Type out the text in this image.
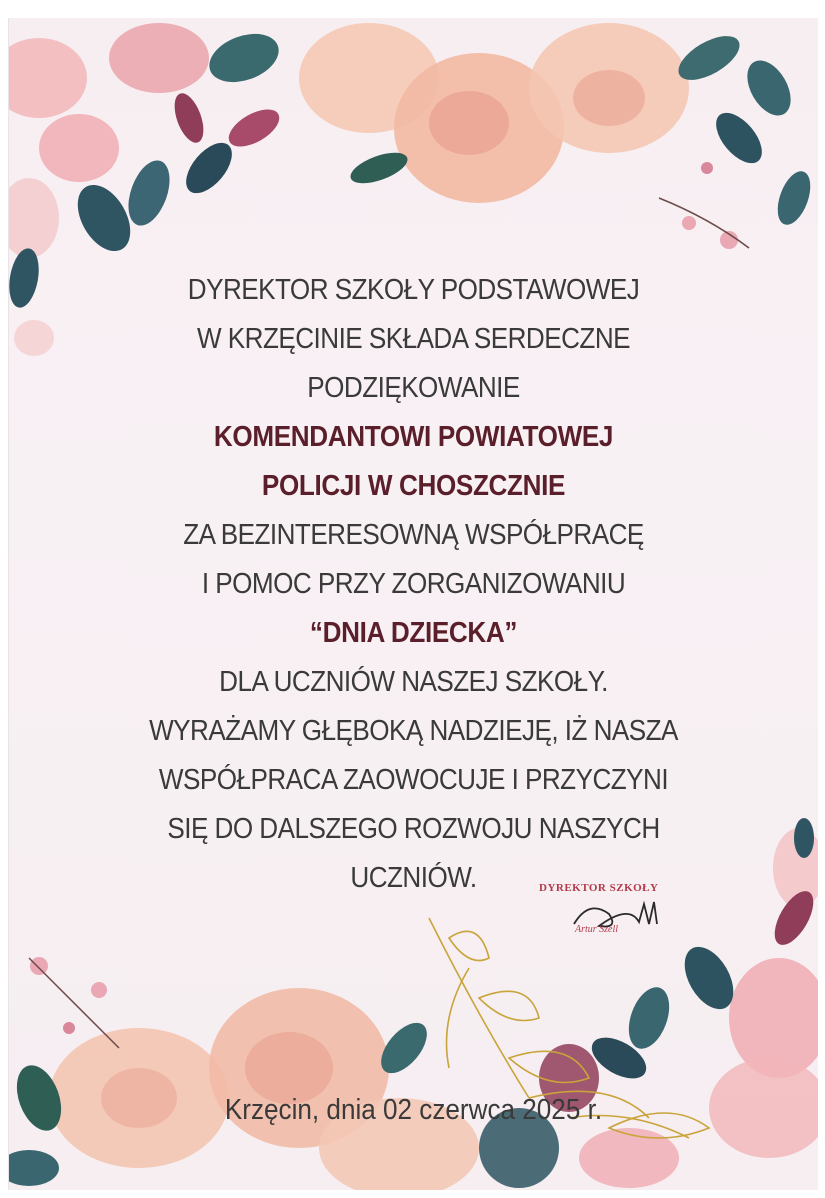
DYREKTOR SZKOŁY PODSTAWOWEJ
W KRZĘCINIE SKŁADA SERDECZNE
PODZIĘKOWANIE
KOMENDANTOWI POWIATOWEJ
POLICJI W CHOSZCZNIE
ZA BEZINTERESOWNĄ WSPÓŁPRACĘ
I POMOC PRZY ZORGANIZOWANIU
“DNIA DZIECKA”
DLA UCZNIÓW NASZEJ SZKOŁY.
WYRAŻAMY GŁĘBOKĄ NADZIEJĘ, IŻ NASZA
WSPÓŁPRACA ZAOWOCUJE I PRZYCZYNI
SIĘ DO DALSZEGO ROZWOJU NASZYCH
UCZNIÓW.	DYREKTOR SZKOŁY
Artur Szell
Krzęcin, dnia 02 czerwca 2025 r.
